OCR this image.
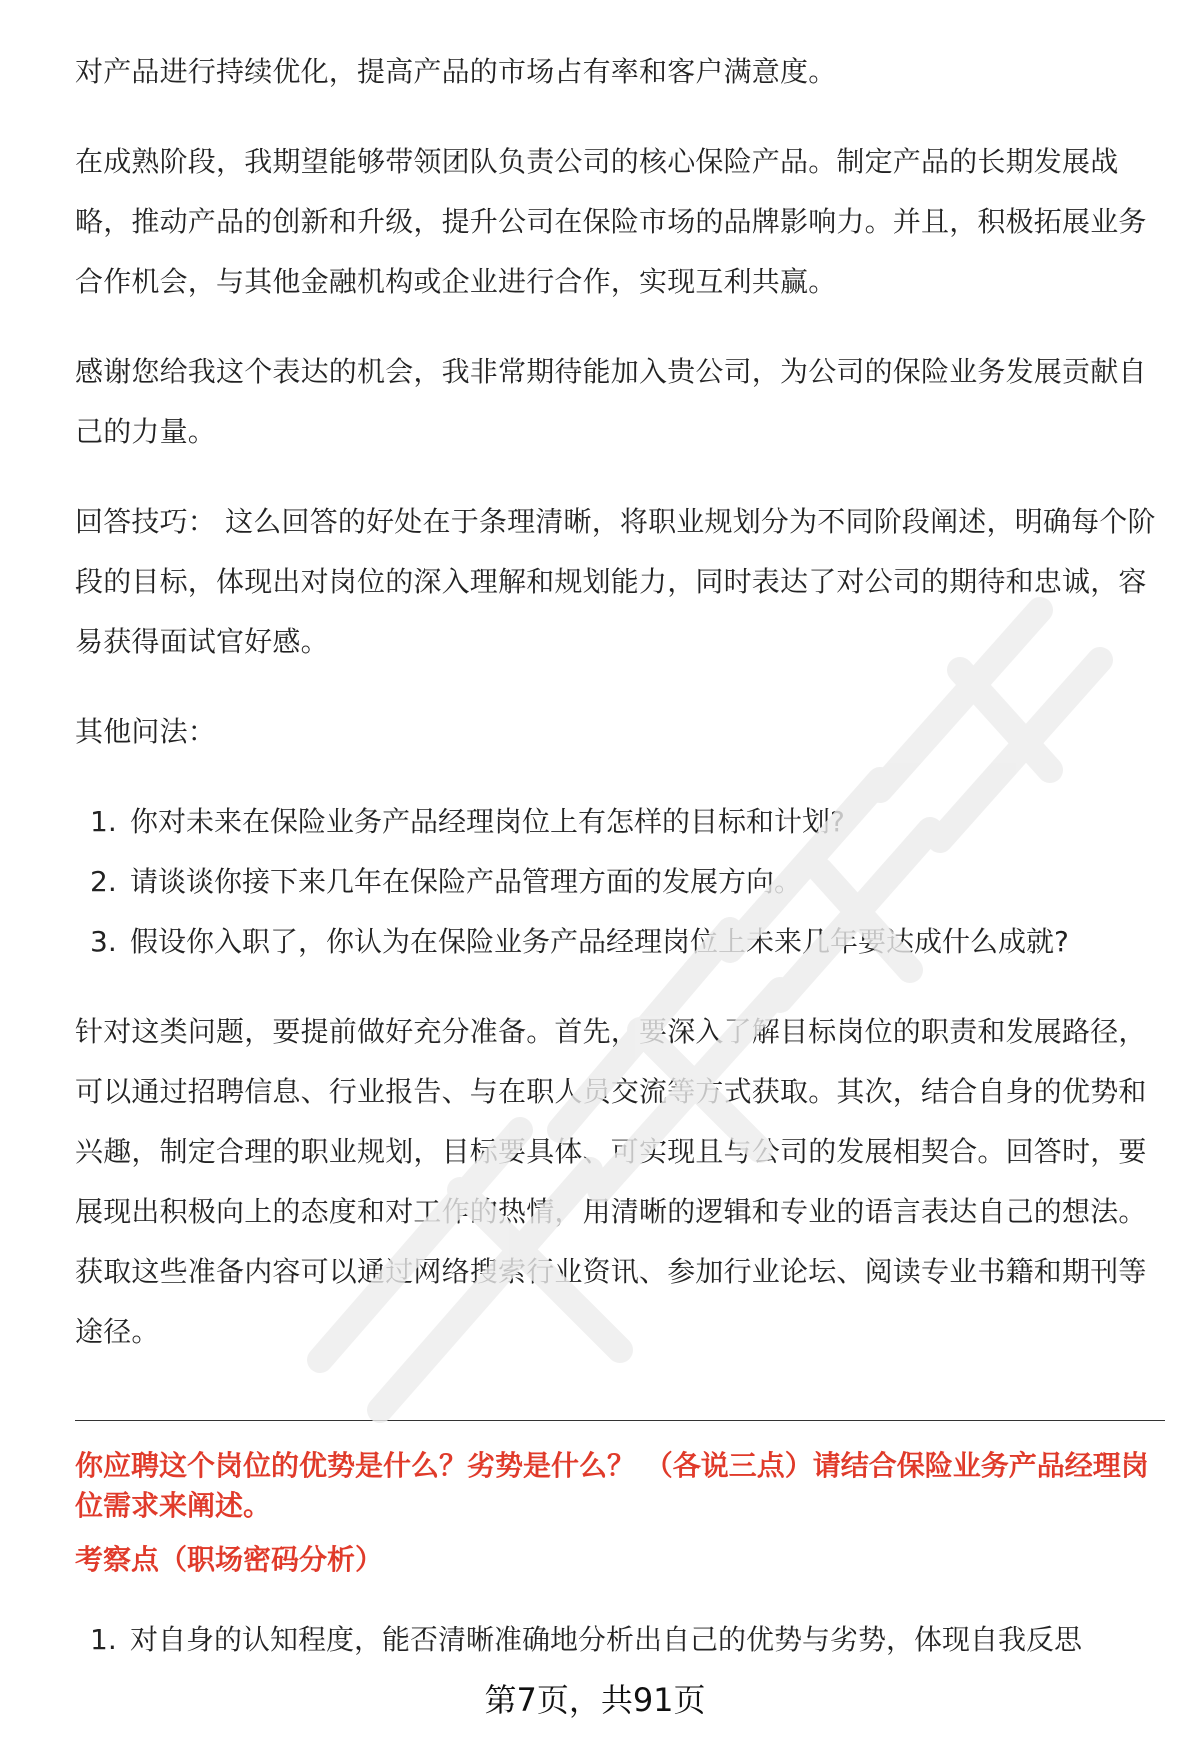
对产品进行持续优化，提高产品的市场占有率和客户满意度。

在成熟阶段，我期望能够带领团队负责公司的核心保险产品。制定产品的长期发展战略，推动产品的创新和升级，提升公司在保险市场的品牌影响力。并且，积极拓展业务合作机会，与其他金融机构或企业进行合作，实现互利共赢。

感谢您给我这个表达的机会，我非常期待能加入贵公司，为公司的保险业务发展贡献自己的力量。

回答技巧： 这么回答的好处在于条理清晰，将职业规划分为不同阶段阐述，明确每个阶段的目标，体现出对岗位的深入理解和规划能力，同时表达了对公司的期待和忠诚，容易获得面试官好感。

其他问法：

1. 你对未来在保险业务产品经理岗位上有怎样的目标和计划?
2. 请谈谈你接下来几年在保险产品管理方面的发展方向。
3. 假设你入职了，你认为在保险业务产品经理岗位上未来几年要达成什么成就?

针对这类问题，要提前做好充分准备。首先，要深入了解目标岗位的职责和发展路径，可以通过招聘信息、行业报告、与在职人员交流等方式获取。其次，结合自身的优势和兴趣，制定合理的职业规划，目标要具体、可实现且与公司的发展相契合。回答时，要展现出积极向上的态度和对工作的热情，用清晰的逻辑和专业的语言表达自己的想法。获取这些准备内容可以通过网络搜索行业资讯、参加行业论坛、阅读专业书籍和期刊等途径。

你应聘这个岗位的优势是什么？劣势是什么？ （各说三点）请结合保险业务产品经理岗位需求来阐述。

考察点（职场密码分析）

1. 对自身的认知程度，能否清晰准确地分析出自己的优势与劣势，体现自我反思
第7页，共91页
